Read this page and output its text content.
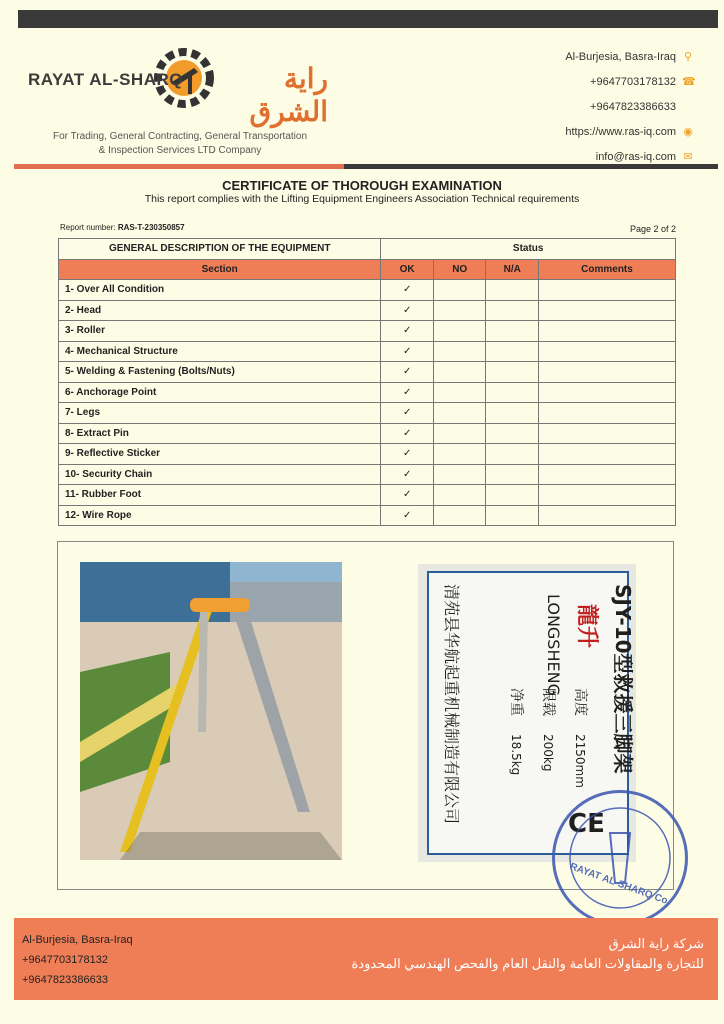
RAYAT AL-SHARQ	راية الشرق
For Trading, General Contracting, General Transportation
& Inspection Services LTD Company
Al-Burjesia, Basra-Iraq ⚲
+9647703178132 ☎
+9647823386633
https://www.ras-iq.com ◉
info@ras-iq.com ✉
CERTIFICATE OF THOROUGH EXAMINATION
This report complies with the Lifting Equipment Engineers Association Technical requirements
Report number: RAS-T-230350857	Page 2 of 2
GENERAL DESCRIPTION OF THE EQUIPMENT	Status			
Section	OK	NO	N/A	Comments
1- Over All Condition	✓			
2- Head	✓			
3- Roller	✓			
4- Mechanical Structure	✓			
5- Welding & Fastening (Bolts/Nuts)	✓			
6- Anchorage Point	✓			
7- Legs	✓			
8- Extract Pin	✓			
9- Reflective Sticker	✓			
10- Security Chain	✓			
11- Rubber Foot	✓			
12- Wire Rope	✓			
SJY-10型救援三脚架
龍升
LONGSHENG
清苑县华航起重机械制造有限公司	高度
2150mm
限载
200kg
净重
18.5kg
CE
RAYAT AL-SHARQ Co.
Al-Burjesia, Basra-Iraq
+9647703178132
+9647823386633
شركة راية الشرق
للتجارة والمقاولات العامة والنقل العام والفحص الهندسي المحدودة
